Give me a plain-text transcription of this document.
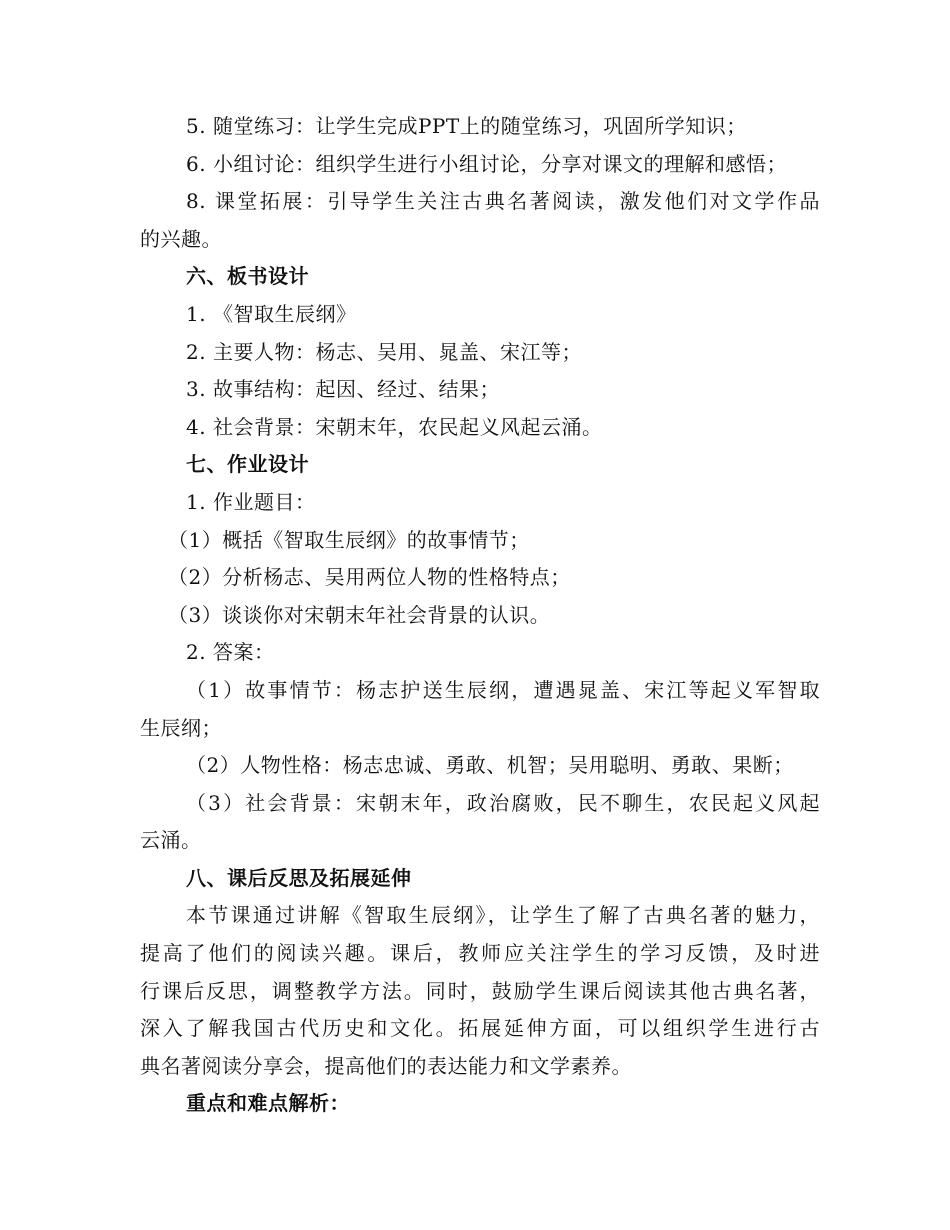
5. 随堂练习：让学生完成PPT上的随堂练习，巩固所学知识；
6. 小组讨论：组织学生进行小组讨论，分享对课文的理解和感悟；
8. 课堂拓展：引导学生关注古典名著阅读，激发他们对文学作品
的兴趣。
六、板书设计
1. 《智取生辰纲》
2. 主要人物：杨志、吴用、晁盖、宋江等；
3. 故事结构：起因、经过、结果；
4. 社会背景：宋朝末年，农民起义风起云涌。
七、作业设计
1. 作业题目：
（1）概括《智取生辰纲》的故事情节；
（2）分析杨志、吴用两位人物的性格特点；
（3）谈谈你对宋朝末年社会背景的认识。
2. 答案：
（1）故事情节：杨志护送生辰纲，遭遇晁盖、宋江等起义军智取
生辰纲；
（2）人物性格：杨志忠诚、勇敢、机智；吴用聪明、勇敢、果断；
（3）社会背景：宋朝末年，政治腐败，民不聊生，农民起义风起
云涌。
八、课后反思及拓展延伸
本节课通过讲解《智取生辰纲》，让学生了解了古典名著的魅力，
提高了他们的阅读兴趣。课后，教师应关注学生的学习反馈，及时进
行课后反思，调整教学方法。同时，鼓励学生课后阅读其他古典名著，
深入了解我国古代历史和文化。拓展延伸方面，可以组织学生进行古
典名著阅读分享会，提高他们的表达能力和文学素养。
重点和难点解析：
